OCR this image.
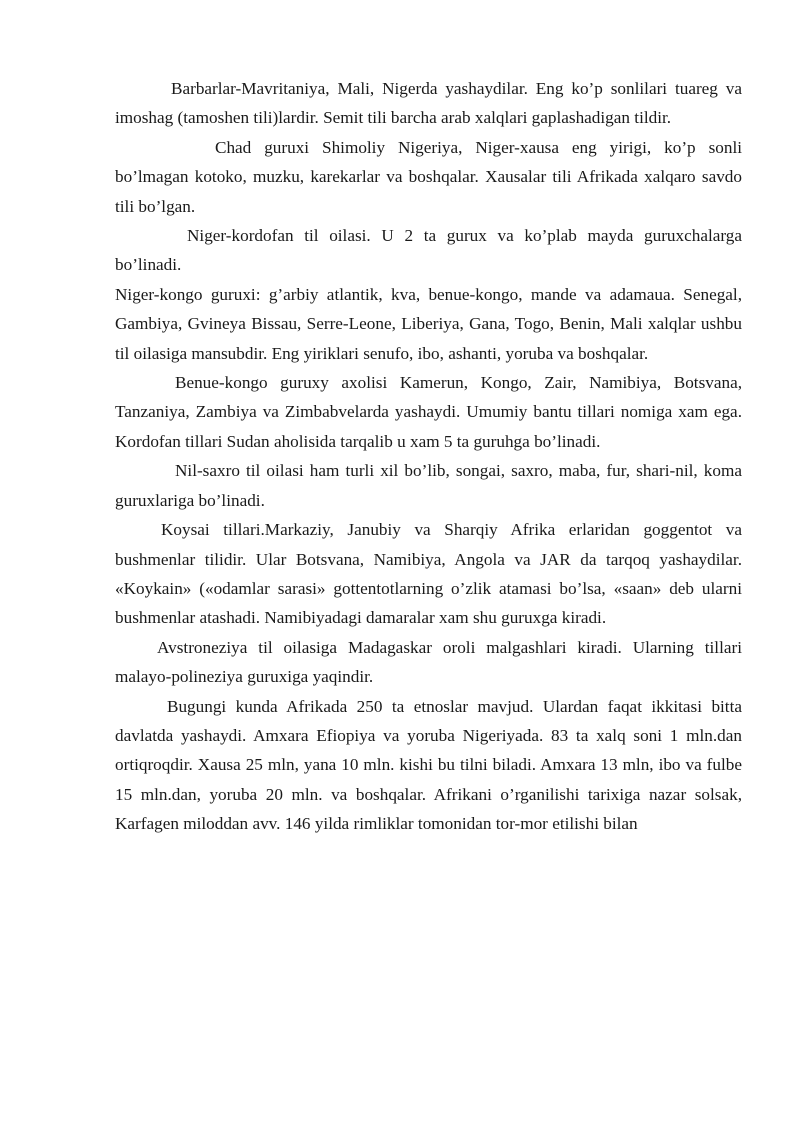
Barbarlar-Mavritaniya, Mali, Nigerda yashaydilar. Eng ko’p sonlilari tuareg va imoshag (tamoshen tili)lardir. Semit tili barcha arab xalqlari gaplashadigan tildir.

Chad guruxi Shimoliy Nigeriya, Niger-xausa eng yirigi, ko’p sonli bo’lmagan kotoko, muzku, karekarlar va boshqalar. Xausalar tili Afrikada xalqaro savdo tili bo’lgan.

Niger-kordofan til oilasi. U 2 ta gurux va ko’plab mayda guruxchalarga bo’linadi.

Niger-kongo guruxi: g’arbiy atlantik, kva, benue-kongo, mande va adamaua. Senegal, Gambiya, Gvineya Bissau, Serre-Leone, Liberiya, Gana, Togo, Benin, Mali xalqlar ushbu til oilasiga mansubdir. Eng yiriklari senufo, ibo, ashanti, yoruba va boshqalar.

Benue-kongo guruxy axolisi Kamerun, Kongo, Zair, Namibiya, Botsvana, Tanzaniya, Zambiya va Zimbabvelarda yashaydi. Umumiy bantu tillari nomiga xam ega. Kordofan tillari Sudan aholisida tarqalib u xam 5 ta guruhga bo’linadi.

Nil-saxro til oilasi ham turli xil bo’lib, songai, saxro, maba, fur, shari-nil, koma guruxlariga bo’linadi.

Koysai tillari.Markaziy, Janubiy va Sharqiy Afrika erlaridan goggentot va bushmenlar tilidir. Ular Botsvana, Namibiya, Angola va JAR da tarqoq yashaydilar. «Koykain» («odamlar sarasi» gottentotlarning o’zlik atamasi bo’lsa, «saan» deb ularni bushmenlar atashadi. Namibiyadagi damaralar xam shu guruxga kiradi.

Avstroneziya til oilasiga Madagaskar oroli malgashlari kiradi. Ularning tillari malayo-polineziya guruxiga yaqindir.

Bugungi kunda Afrikada 250 ta etnoslar mavjud. Ulardan faqat ikkitasi bitta davlatda yashaydi. Amxara Efiopiya va yoruba Nigeriyada. 83 ta xalq soni 1 mln.dan ortiqroqdir. Xausa 25 mln, yana 10 mln. kishi bu tilni biladi. Amxara 13 mln, ibo va fulbe 15 mln.dan, yoruba 20 mln. va boshqalar. Afrikani o’rganilishi tarixiga nazar solsak, Karfagen miloddan avv. 146 yilda rimliklar tomonidan tor-mor etilishi bilan
